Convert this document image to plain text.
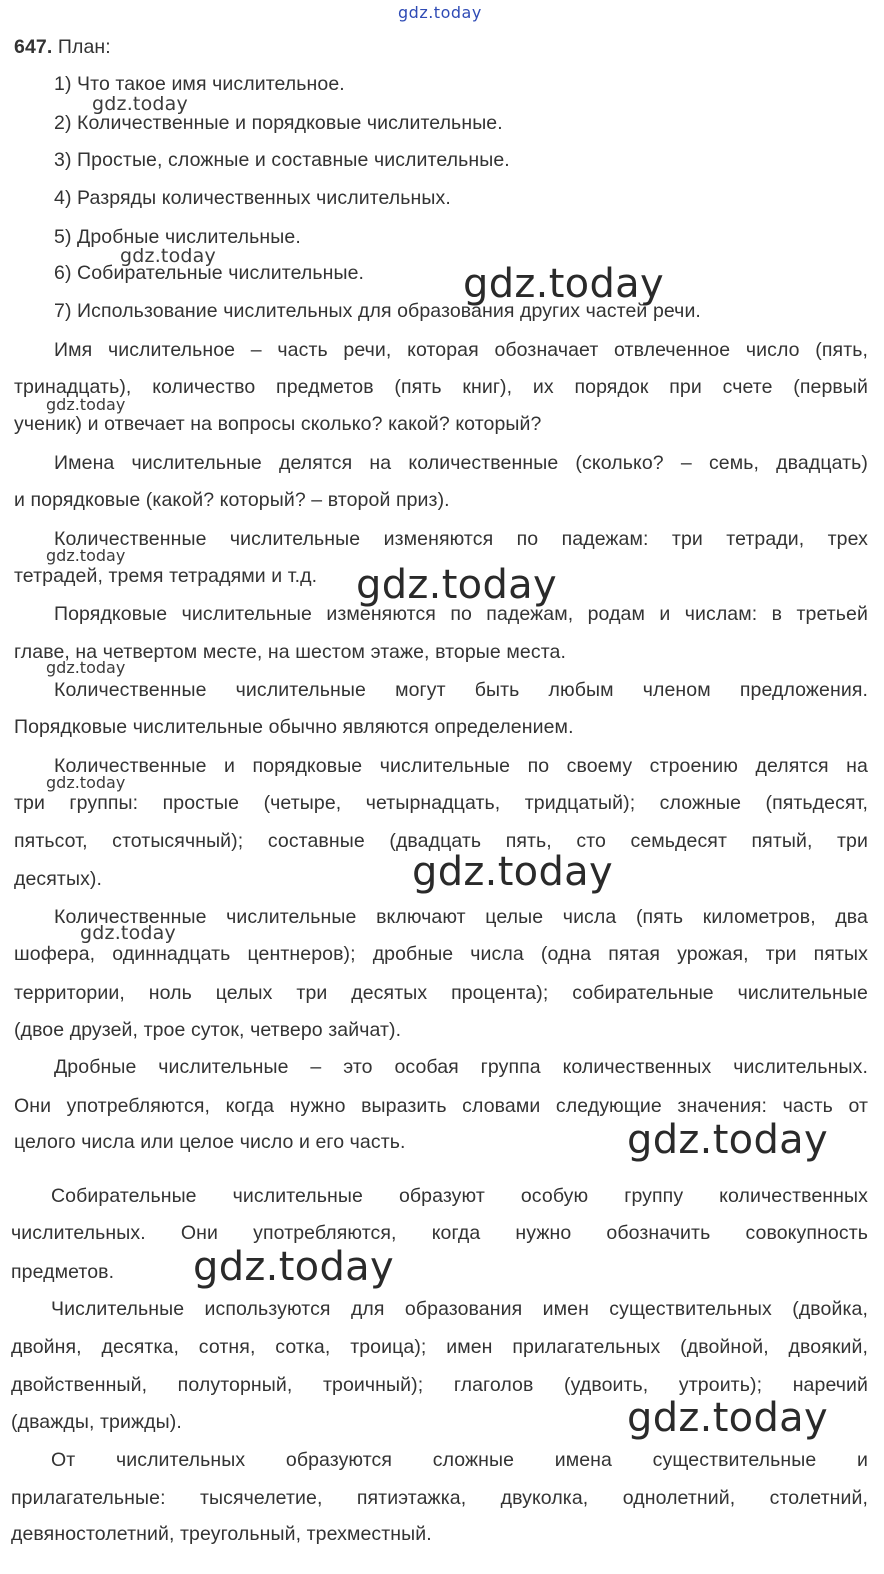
gdz.today
647. План:
1) Что такое имя числительное.
2) Количественные и порядковые числительные.
3) Простые, сложные и составные числительные.
4) Разряды количественных числительных.
5) Дробные числительные.
6) Собирательные числительные.
7) Использование числительных для образования других частей речи.
Имя числительное – часть речи, которая обозначает отвлеченное число (пять,
тринадцать), количество предметов (пять книг), их порядок при счете (первый
ученик) и отвечает на вопросы сколько? какой? который?
Имена числительные делятся на количественные (сколько? – семь, двадцать)
и порядковые (какой? который? – второй приз).
Количественные числительные изменяются по падежам: три тетради, трех
тетрадей, тремя тетрадями и т.д.
Порядковые числительные изменяются по падежам, родам и числам: в третьей
главе, на четвертом месте, на шестом этаже, вторые места.
Количественные числительные могут быть любым членом предложения.
Порядковые числительные обычно являются определением.
Количественные и порядковые числительные по своему строению делятся на
три группы: простые (четыре, четырнадцать, тридцатый); сложные (пятьдесят,
пятьсот, стотысячный); составные (двадцать пять, сто семьдесят пятый, три
десятых).
Количественные числительные включают целые числа (пять километров, два
шофера, одиннадцать центнеров); дробные числа (одна пятая урожая, три пятых
территории, ноль целых три десятых процента); собирательные числительные
(двое друзей, трое суток, четверо зайчат).
Дробные числительные – это особая группа количественных числительных.
Они употребляются, когда нужно выразить словами следующие значения: часть от
целого числа или целое число и его часть.
Собирательные числительные образуют особую группу количественных
числительных. Они употребляются, когда нужно обозначить совокупность
предметов.
Числительные используются для образования имен существительных (двойка,
двойня, десятка, сотня, сотка, троица); имен прилагательных (двойной, двоякий,
двойственный, полуторный, троичный); глаголов (удвоить, утроить); наречий
(дважды, трижды).
От числительных образуются сложные имена существительные и
прилагательные: тысячелетие, пятиэтажка, двуколка, однолетний, столетний,
девяностолетний, треугольный, трехместный.
gdz.today
gdz.today
gdz.today
gdz.today
gdz.today
gdz.today
gdz.today
gdz.today
gdz.today
gdz.today
gdz.today
gdz.today
gdz.today
